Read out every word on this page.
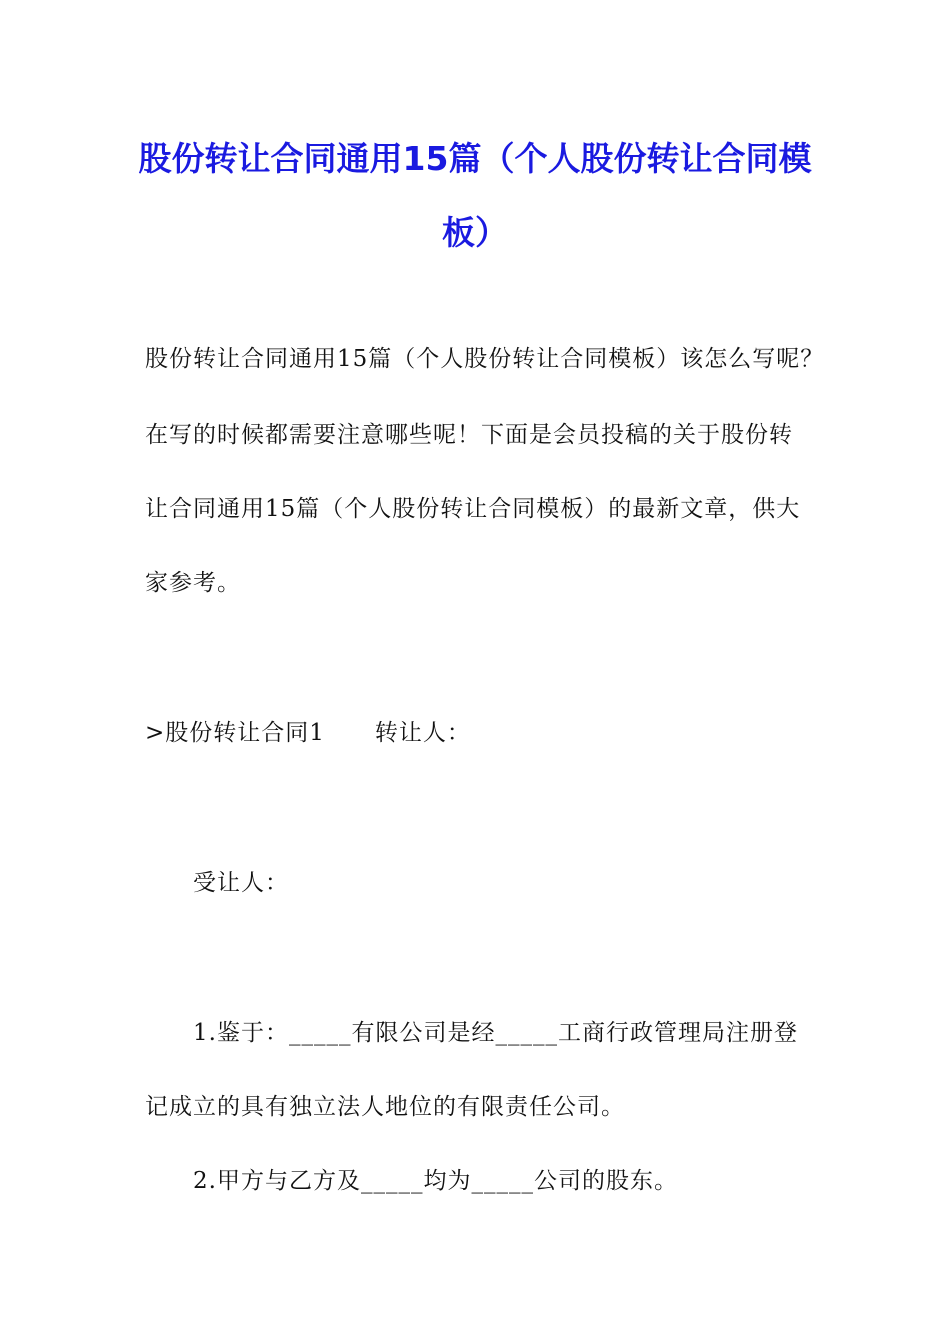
股份转让合同通用15篇（个人股份转让合同模板）

股份转让合同通用15篇（个人股份转让合同模板）该怎么写呢？

在写的时候都需要注意哪些呢！下面是会员投稿的关于股份转

让合同通用15篇（个人股份转让合同模板）的最新文章，供大

家参考。

>股份转让合同1 转让人：

受让人：

1.鉴于：_____有限公司是经_____工商行政管理局注册登

记成立的具有独立法人地位的有限责任公司。

2.甲方与乙方及_____均为_____公司的股东。
